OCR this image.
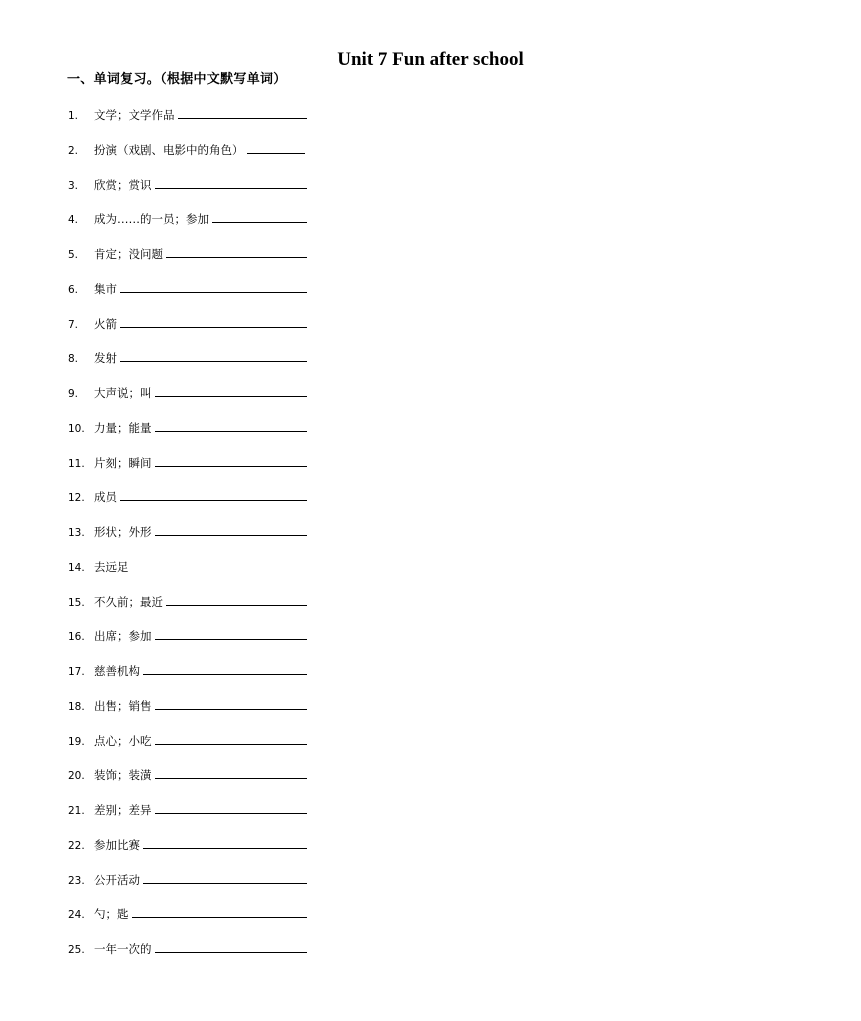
Unit 7 Fun after school
一、单词复习。（根据中文默写单词）
1.	文学；文学作品
2.	扮演（戏剧、电影中的角色）
3.	欣赏；赏识
4.	成为……的一员；参加
5.	肯定；没问题
6.	集市
7.	火箭
8.	发射
9.	大声说；叫
10. 力量；能量
11. 片刻；瞬间
12. 成员
13. 形状；外形
14. 去远足
15. 不久前；最近
16. 出席；参加
17. 慈善机构
18. 出售；销售
19. 点心；小吃
20. 装饰；装潢
21. 差别；差异
22. 参加比赛
23. 公开活动
24. 勺；匙
25. 一年一次的
